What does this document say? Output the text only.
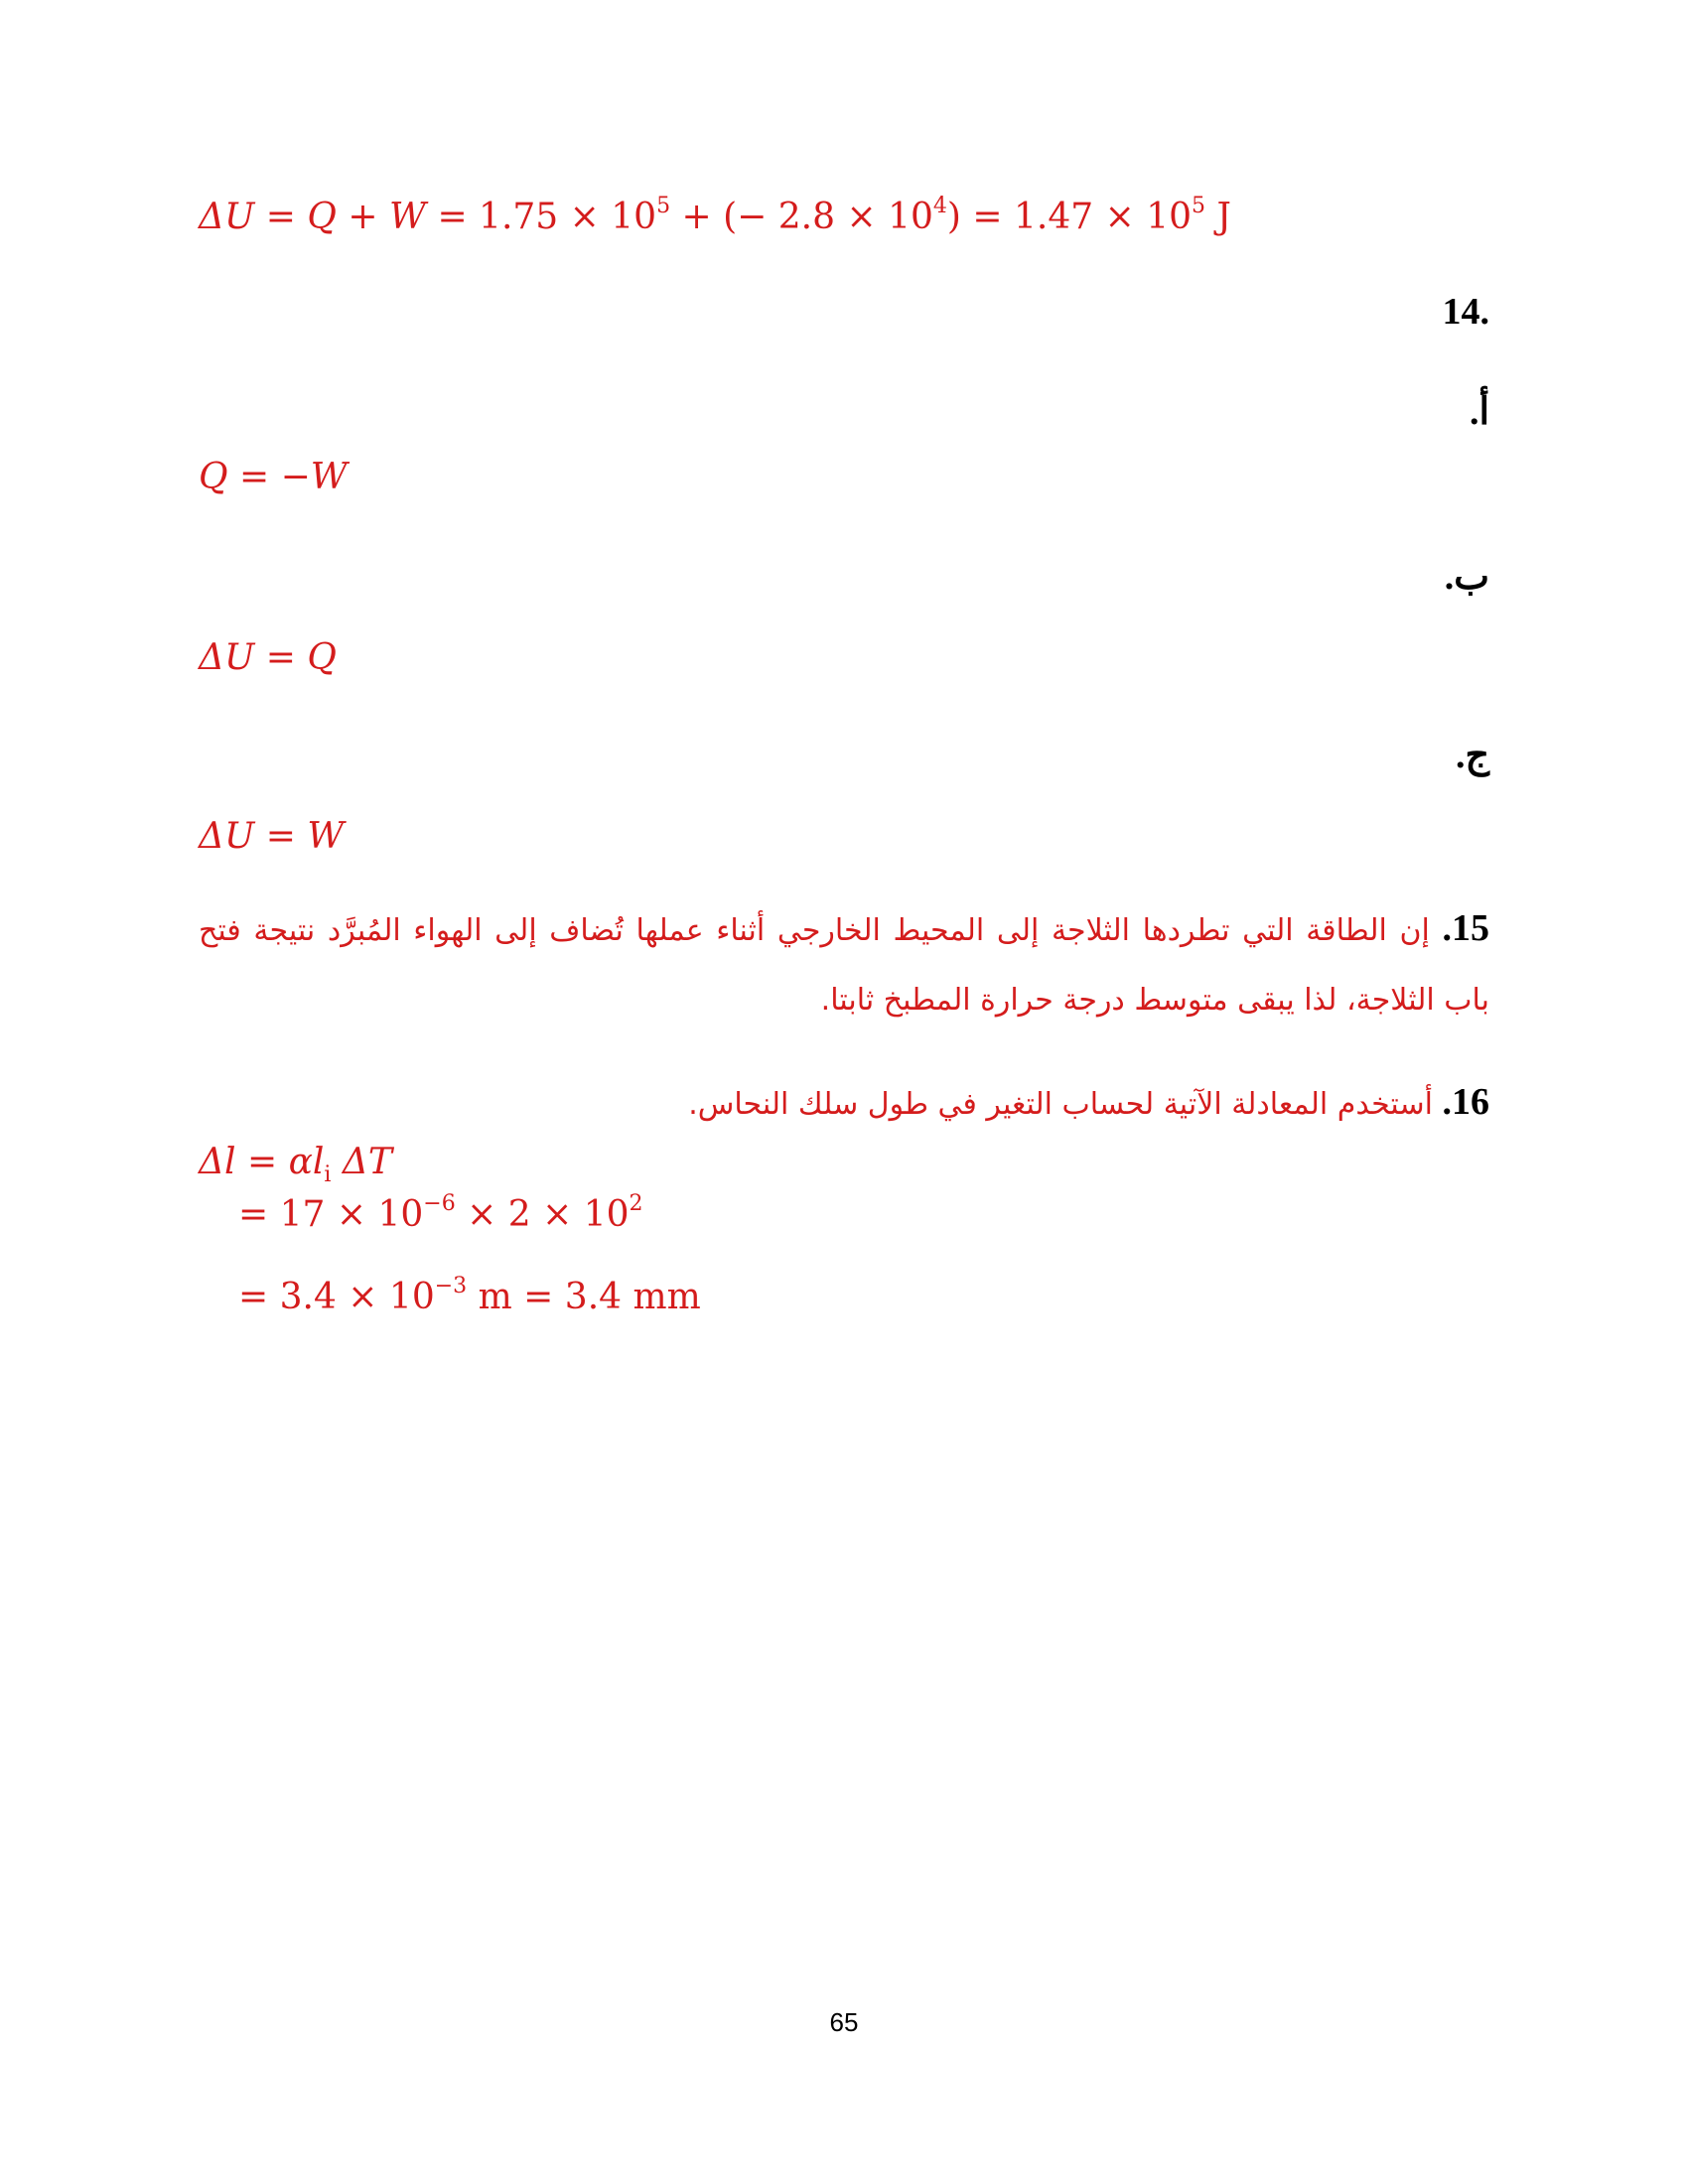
$\Delta U = Q + W = 1.75 \times 10^5$ + (− $2.8 \times 10^4) = 1.47 \times 10^5$ J
.14
أ.
Q = −W
ب.
ΔU = Q
ج.
ΔU = W
15. إن الطاقة التي تطردها الثلاجة إلى المحيط الخارجي أثناء عملها تُضاف إلى الهواء المُبرَّد نتيجة فتح باب الثلاجة، لذا يبقى متوسط درجة حرارة المطبخ ثابتا.
16. أستخدم المعادلة الآتية لحساب التغير في طول سلك النحاس.
$\Delta l = \alpha l_i$ ΔT
= $17 \times 10^{-6} \times 2 \times 10^2$
= $3.4 \times 10^{-3}$ m = 3.4 mm
65
